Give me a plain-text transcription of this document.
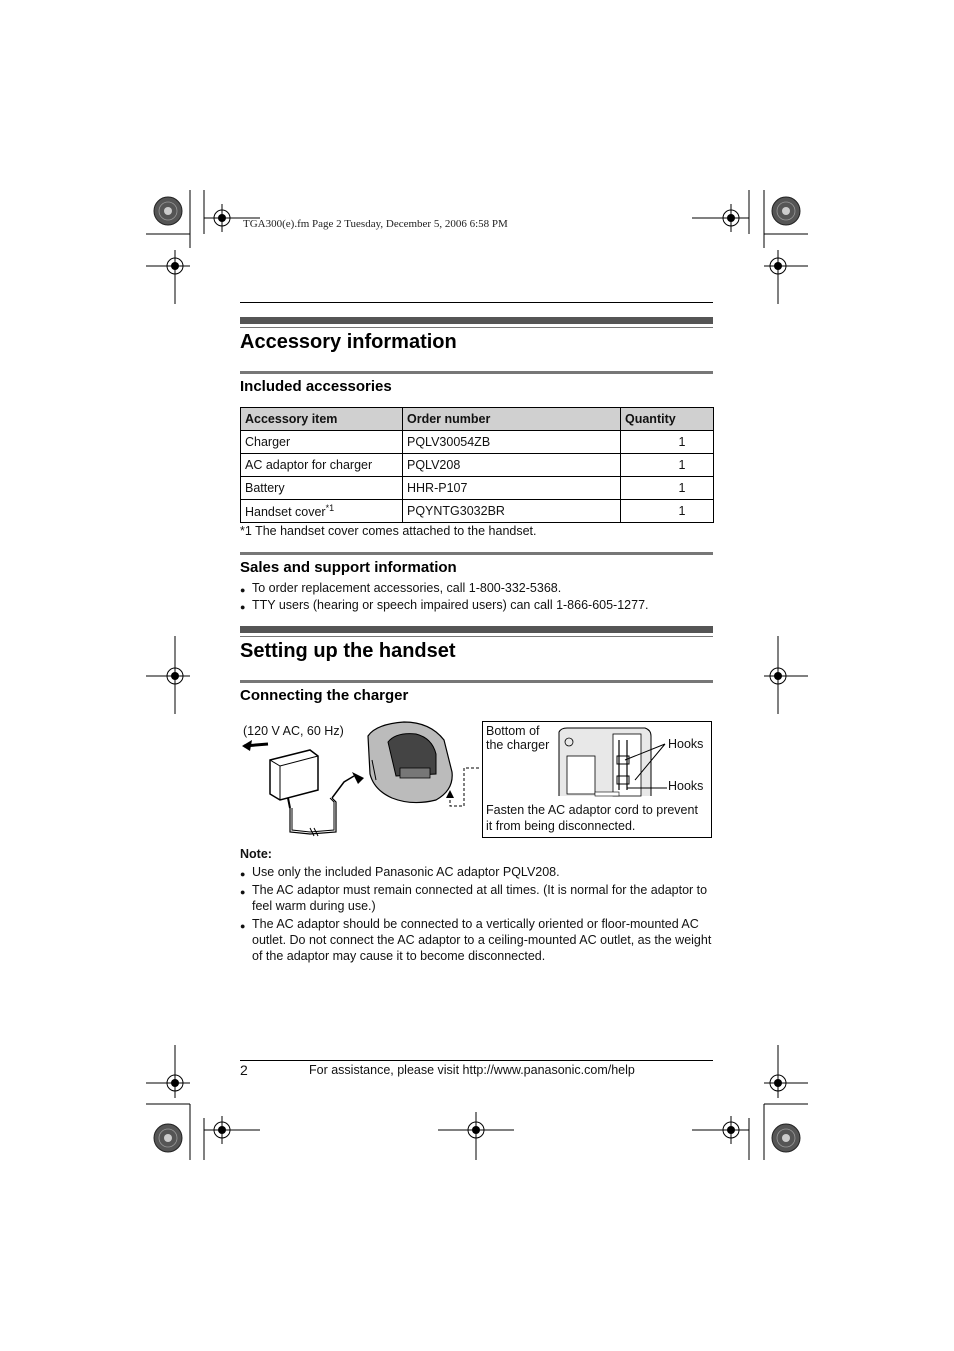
TGA300(e).fm Page 2 Tuesday, December 5, 2006 6:58 PM
Accessory information
Included accessories
Accessory item	Order number	Quantity
Charger	PQLV30054ZB	1
AC adaptor for charger	PQLV208	1
Battery	HHR-P107	1
Handset cover$^{*1}$	PQYNTG3032BR	1
*1 The handset cover comes attached to the handset.
Sales and support information
● To order replacement accessories, call 1-800-332-5368.
● TTY users (hearing or speech impaired users) can call 1-866-605-1277.
Setting up the handset
Connecting the charger
(120 V AC, 60 Hz)	Bottom of
the charger	Hooks
Hooks
Fasten the AC adaptor cord to prevent
it from being disconnected.
Note:
● Use only the included Panasonic AC adaptor PQLV208.
● The AC adaptor must remain connected at all times. (It is normal for the adaptor to feel warm during use.)
● The AC adaptor should be connected to a vertically oriented or floor-mounted AC outlet. Do not connect the AC adaptor to a ceiling-mounted AC outlet, as the weight of the adaptor may cause it to become disconnected.
2	For assistance, please visit http://www.panasonic.com/help
